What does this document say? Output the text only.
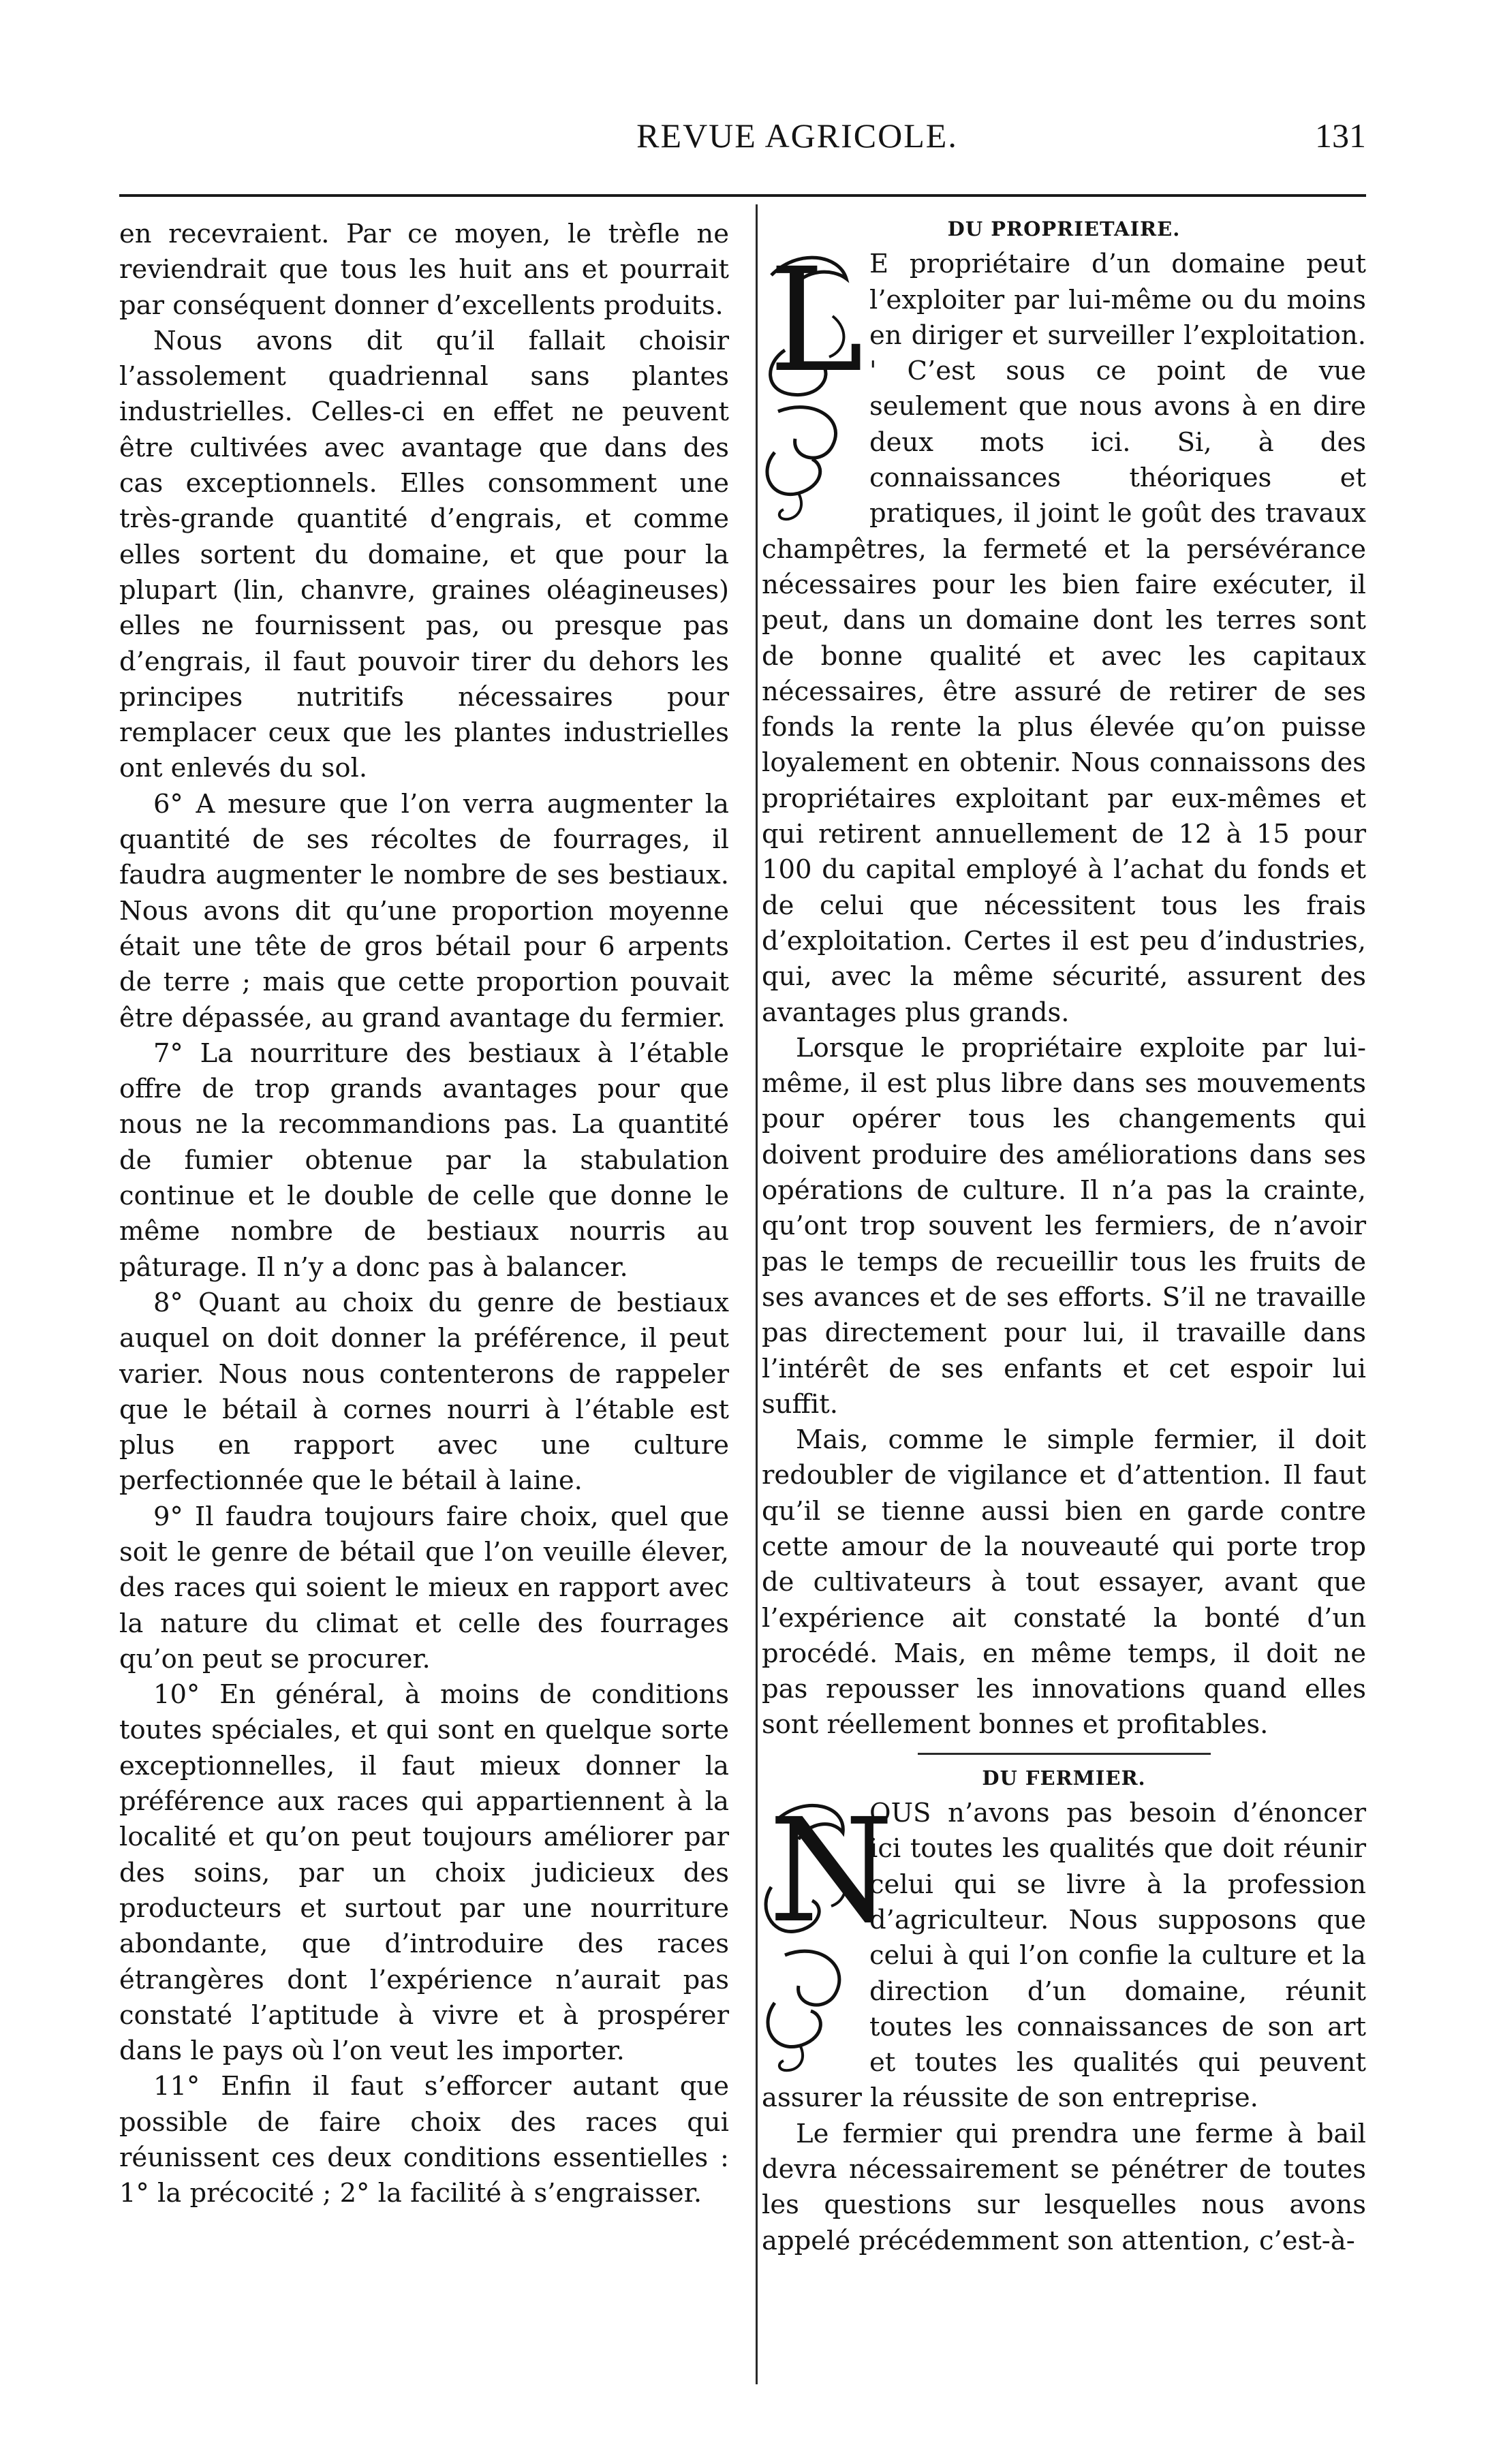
REVUE AGRICOLE.	131

en recevraient. Par ce moyen, le trèfle ne reviendrait que tous les huit ans et pourrait par conséquent donner d’excellents produits.

Nous avons dit qu’il fallait choisir l’assolement quadriennal sans plantes industrielles. Celles-ci en effet ne peuvent être cultivées avec avantage que dans des cas exceptionnels. Elles consomment une très-grande quantité d’engrais, et comme elles sortent du domaine, et que pour la plupart (lin, chanvre, graines oléagineuses) elles ne fournissent pas, ou presque pas d’engrais, il faut pouvoir tirer du dehors les principes nutritifs nécessaires pour remplacer ceux que les plantes industrielles ont enlevés du sol.

6° A mesure que l’on verra augmenter la quantité de ses récoltes de fourrages, il faudra augmenter le nombre de ses bestiaux. Nous avons dit qu’une proportion moyenne était une tête de gros bétail pour 6 arpents de terre ; mais que cette proportion pouvait être dépassée, au grand avantage du fermier.

7° La nourriture des bestiaux à l’étable offre de trop grands avantages pour que nous ne la recommandions pas. La quantité de fumier obtenue par la stabulation continue et le double de celle que donne le même nombre de bestiaux nourris au pâturage. Il n’y a donc pas à balancer.

8° Quant au choix du genre de bestiaux auquel on doit donner la préférence, il peut varier. Nous nous contenterons de rappeler que le bétail à cornes nourri à l’étable est plus en rapport avec une culture perfectionnée que le bétail à laine.

9° Il faudra toujours faire choix, quel que soit le genre de bétail que l’on veuille élever, des races qui soient le mieux en rapport avec la nature du climat et celle des fourrages qu’on peut se procurer.

10° En général, à moins de conditions toutes spéciales, et qui sont en quelque sorte exceptionnelles, il faut mieux donner la préférence aux races qui appartiennent à la localité et qu’on peut toujours améliorer par des soins, par un choix judicieux des producteurs et surtout par une nourriture abondante, que d’introduire des races étrangères dont l’expérience n’aurait pas constaté l’aptitude à vivre et à prospérer dans le pays où l’on veut les importer.

11° Enfin il faut s’efforcer autant que possible de faire choix des races qui réunissent ces deux conditions essentielles : 1° la précocité ; 2° la facilité à s’engraisser.

DU PROPRIETAIRE.
L E propriétaire d’un domaine peut l’exploiter par lui-même ou du moins en diriger et surveiller l’exploitation. ' C’est sous ce point de vue seulement que nous avons à en dire deux mots ici. Si, à des connaissances théoriques et pratiques, il joint le goût des travaux champêtres, la fermeté et la persévérance nécessaires pour les bien faire exécuter, il peut, dans un domaine dont les terres sont de bonne qualité et avec les capitaux nécessaires, être assuré de retirer de ses fonds la rente la plus élevée qu’on puisse loyalement en obtenir. Nous connaissons des propriétaires exploitant par eux-mêmes et qui retirent annuellement de 12 à 15 pour 100 du capital employé à l’achat du fonds et de celui que nécessitent tous les frais d’exploitation. Certes il est peu d’industries, qui, avec la même sécurité, assurent des avantages plus grands.

Lorsque le propriétaire exploite par lui-même, il est plus libre dans ses mouvements pour opérer tous les changements qui doivent produire des améliorations dans ses opérations de culture. Il n’a pas la crainte, qu’ont trop souvent les fermiers, de n’avoir pas le temps de recueillir tous les fruits de ses avances et de ses efforts. S’il ne travaille pas directement pour lui, il travaille dans l’intérêt de ses enfants et cet espoir lui suffit.

Mais, comme le simple fermier, il doit redoubler de vigilance et d’attention. Il faut qu’il se tienne aussi bien en garde contre cette amour de la nouveauté qui porte trop de cultivateurs à tout essayer, avant que l’expérience ait constaté la bonté d’un procédé. Mais, en même temps, il doit ne pas repousser les innovations quand elles sont réellement bonnes et profitables.

DU FERMIER.
N

OUS n’avons pas besoin d’énoncer ici toutes les qualités que doit réunir celui qui se livre à la profession d’agriculteur. Nous supposons que celui à qui l’on confie la culture et la direction d’un domaine, réunit toutes les connaissances de son art et toutes les qualités qui peuvent assurer la réussite de son entreprise.

Le fermier qui prendra une ferme à bail devra nécessairement se pénétrer de toutes les questions sur lesquelles nous avons appelé précédemment son attention, c’est-à-
